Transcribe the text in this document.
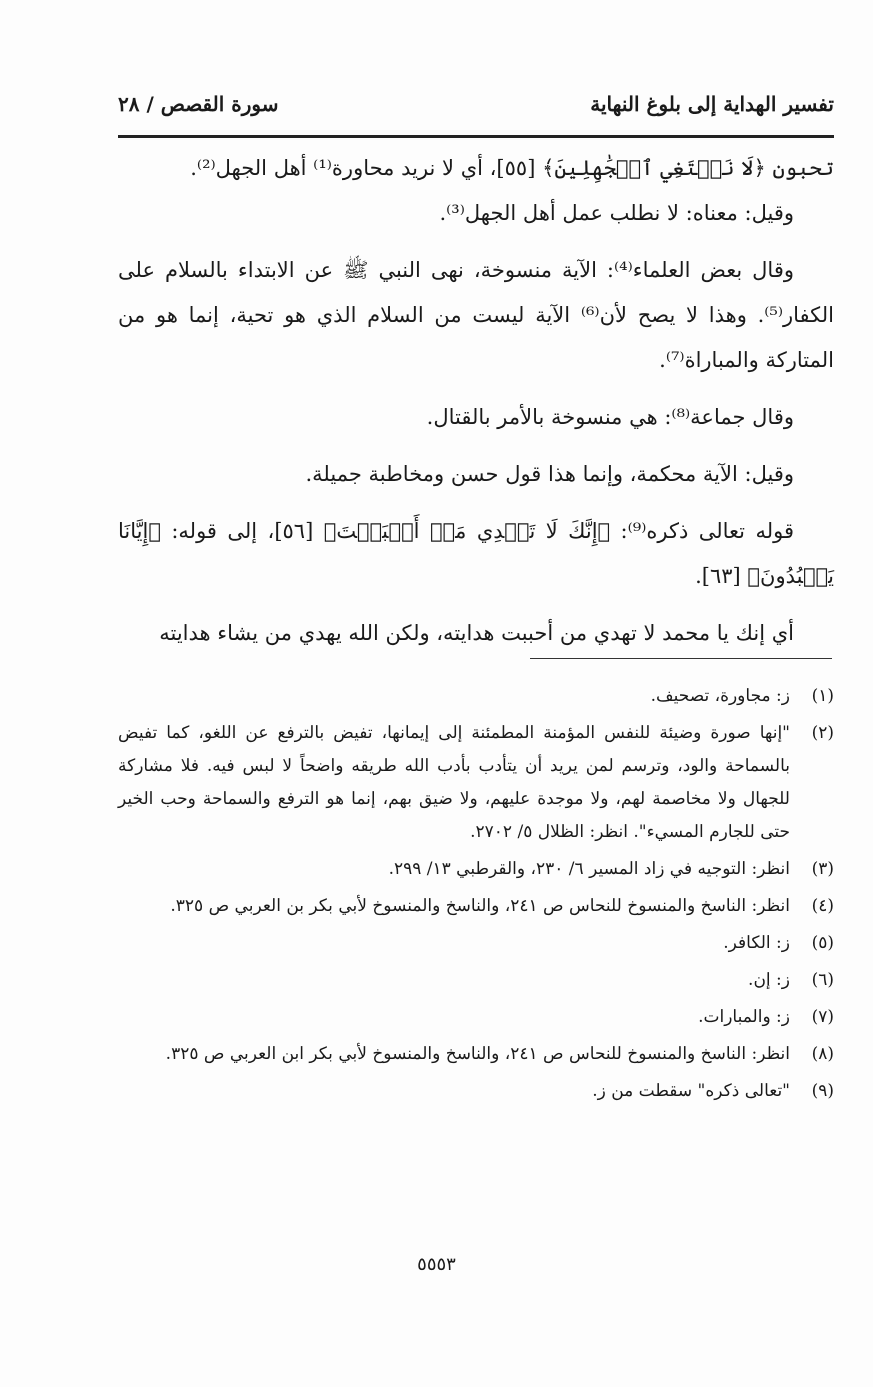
تفسير الهداية إلى بلوغ النهاية
سورة القصص / ٢٨

تحبون ﴿لَا نَبۡتَغِي ٱلۡجَٰهِلِينَ﴾ [٥٥]، أي لا نريد محاورة⁽¹⁾ أهل الجهل⁽²⁾.

وقيل: معناه: لا نطلب عمل أهل الجهل⁽³⁾.

وقال بعض العلماء⁽⁴⁾: الآية منسوخة، نهى النبي ﷺ عن الابتداء بالسلام على الكفار⁽⁵⁾. وهذا لا يصح لأن⁽⁶⁾ الآية ليست من السلام الذي هو تحية، إنما هو من المتاركة والمباراة⁽⁷⁾.

وقال جماعة⁽⁸⁾: هي منسوخة بالأمر بالقتال.

وقيل: الآية محكمة، وإنما هذا قول حسن ومخاطبة جميلة.

قوله تعالى ذكره⁽⁹⁾: ﴿إِنَّكَ لَا تَهۡدِي مَنۡ أَحۡبَبۡتَ﴾ [٥٦]، إلى قوله: ﴿إِيَّانَا يَعۡبُدُونَ﴾ [٦٣].

أي إنك يا محمد لا تهدي من أحببت هدايته، ولكن الله يهدي من يشاء هدايته

(١)
ز: مجاورة، تصحيف.
(٢)
"إنها صورة وضيئة للنفس المؤمنة المطمئنة إلى إيمانها، تفيض بالترفع عن اللغو، كما تفيض بالسماحة والود، وترسم لمن يريد أن يتأدب بأدب الله طريقه واضحاً لا لبس فيه. فلا مشاركة للجهال ولا مخاصمة لهم، ولا موجدة عليهم، ولا ضيق بهم، إنما هو الترفع والسماحة وحب الخير حتى للجارم المسيء". انظر: الظلال ٥/ ٢٧٠٢.
(٣)
انظر: التوجيه في زاد المسير ٦/ ٢٣٠، والقرطبي ١٣/ ٢٩٩.
(٤)
انظر: الناسخ والمنسوخ للنحاس ص ٢٤١، والناسخ والمنسوخ لأبي بكر بن العربي ص ٣٢٥.
(٥)
ز: الكافر.
(٦)
ز: إن.
(٧)
ز: والمبارات.
(٨)
انظر: الناسخ والمنسوخ للنحاس ص ٢٤١، والناسخ والمنسوخ لأبي بكر ابن العربي ص ٣٢٥.
(٩)
"تعالى ذكره" سقطت من ز.
٥٥٥٣
